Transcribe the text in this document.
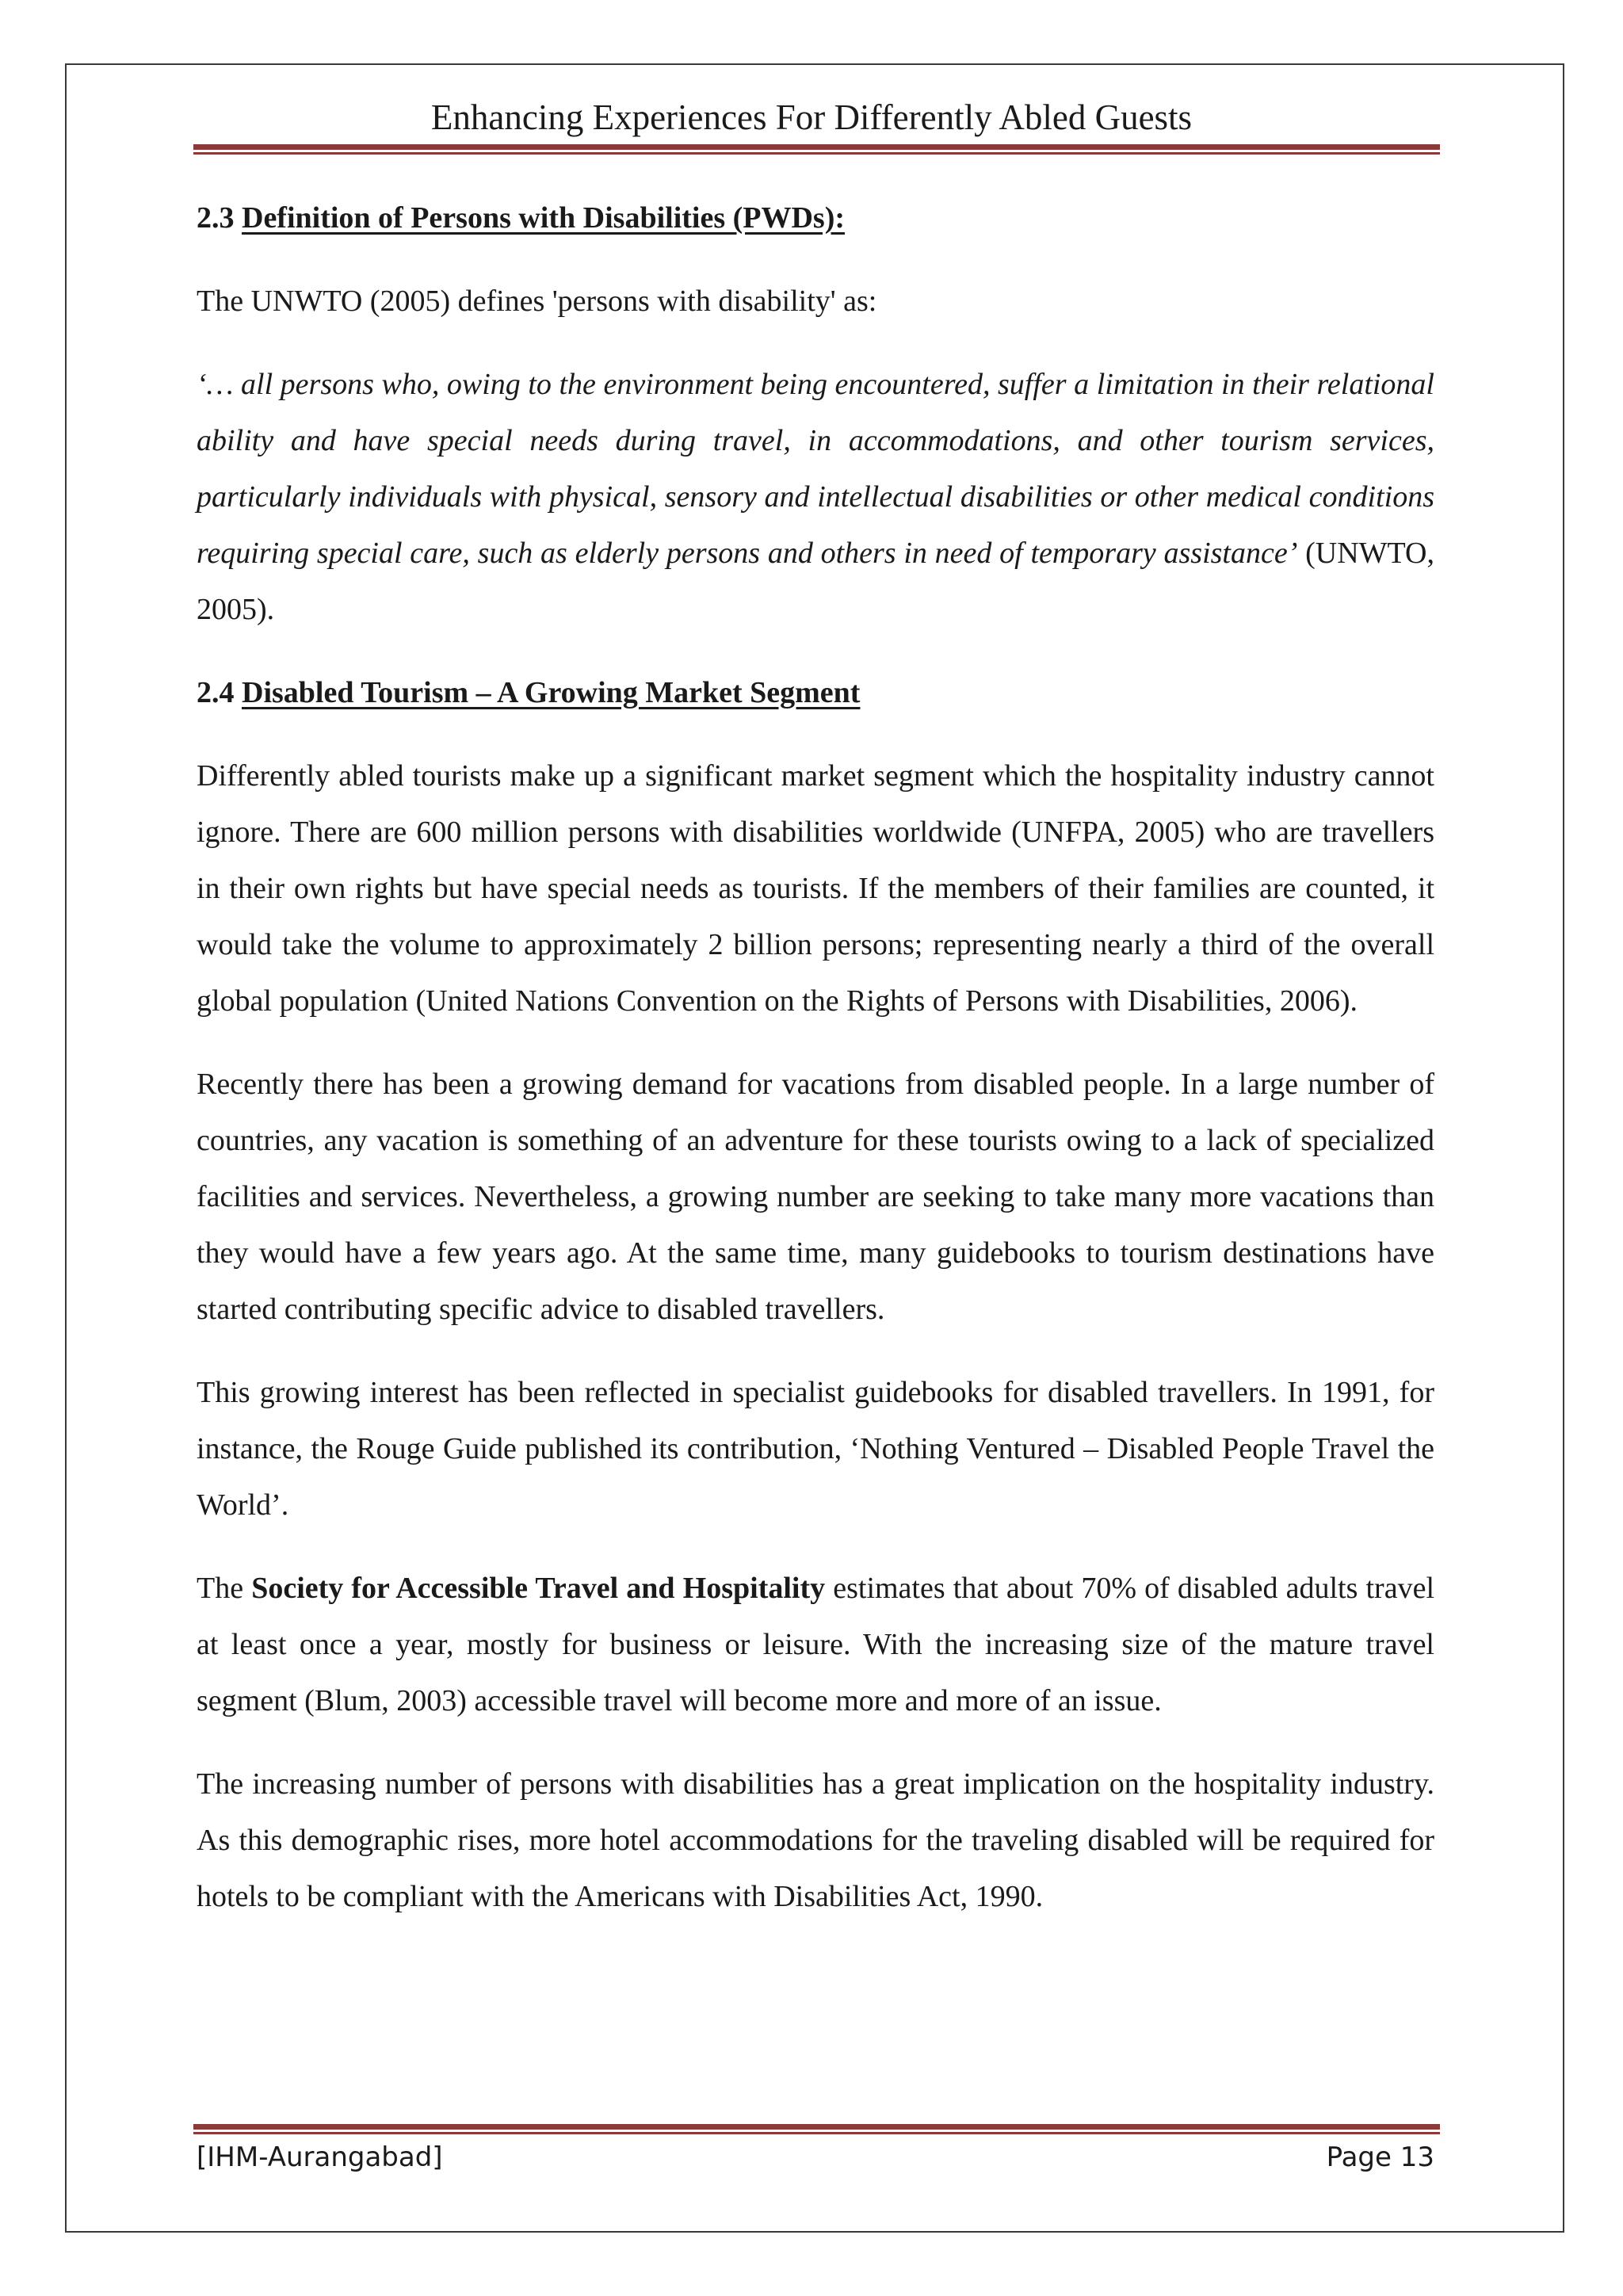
Enhancing Experiences For Differently Abled Guests

2.3 Definition of Persons with Disabilities (PWDs):

The UNWTO (2005) defines 'persons with disability' as:

‘… all persons who, owing to the environment being encountered, suffer a limitation in their relational ability and have special needs during travel, in accommodations, and other tourism services, particularly individuals with physical, sensory and intellectual disabilities or other medical conditions requiring special care, such as elderly persons and others in need of temporary assistance’ (UNWTO, 2005).

2.4 Disabled Tourism – A Growing Market Segment

Differently abled tourists make up a significant market segment which the hospitality industry cannot ignore. There are 600 million persons with disabilities worldwide (UNFPA, 2005) who are travellers in their own rights but have special needs as tourists. If the members of their families are counted, it would take the volume to approximately 2 billion persons; representing nearly a third of the overall global population (United Nations Convention on the Rights of Persons with Disabilities, 2006).

Recently there has been a growing demand for vacations from disabled people. In a large number of countries, any vacation is something of an adventure for these tourists owing to a lack of specialized facilities and services. Nevertheless, a growing number are seeking to take many more vacations than they would have a few years ago. At the same time, many guidebooks to tourism destinations have started contributing specific advice to disabled travellers.

This growing interest has been reflected in specialist guidebooks for disabled travellers. In 1991, for instance, the Rouge Guide published its contribution, ‘Nothing Ventured – Disabled People Travel the World’.

The Society for Accessible Travel and Hospitality estimates that about 70% of disabled adults travel at least once a year, mostly for business or leisure. With the increasing size of the mature travel segment (Blum, 2003) accessible travel will become more and more of an issue.

The increasing number of persons with disabilities has a great implication on the hospitality industry. As this demographic rises, more hotel accommodations for the traveling disabled will be required for hotels to be compliant with the Americans with Disabilities Act, 1990.

[IHM-Aurangabad]	Page 13
